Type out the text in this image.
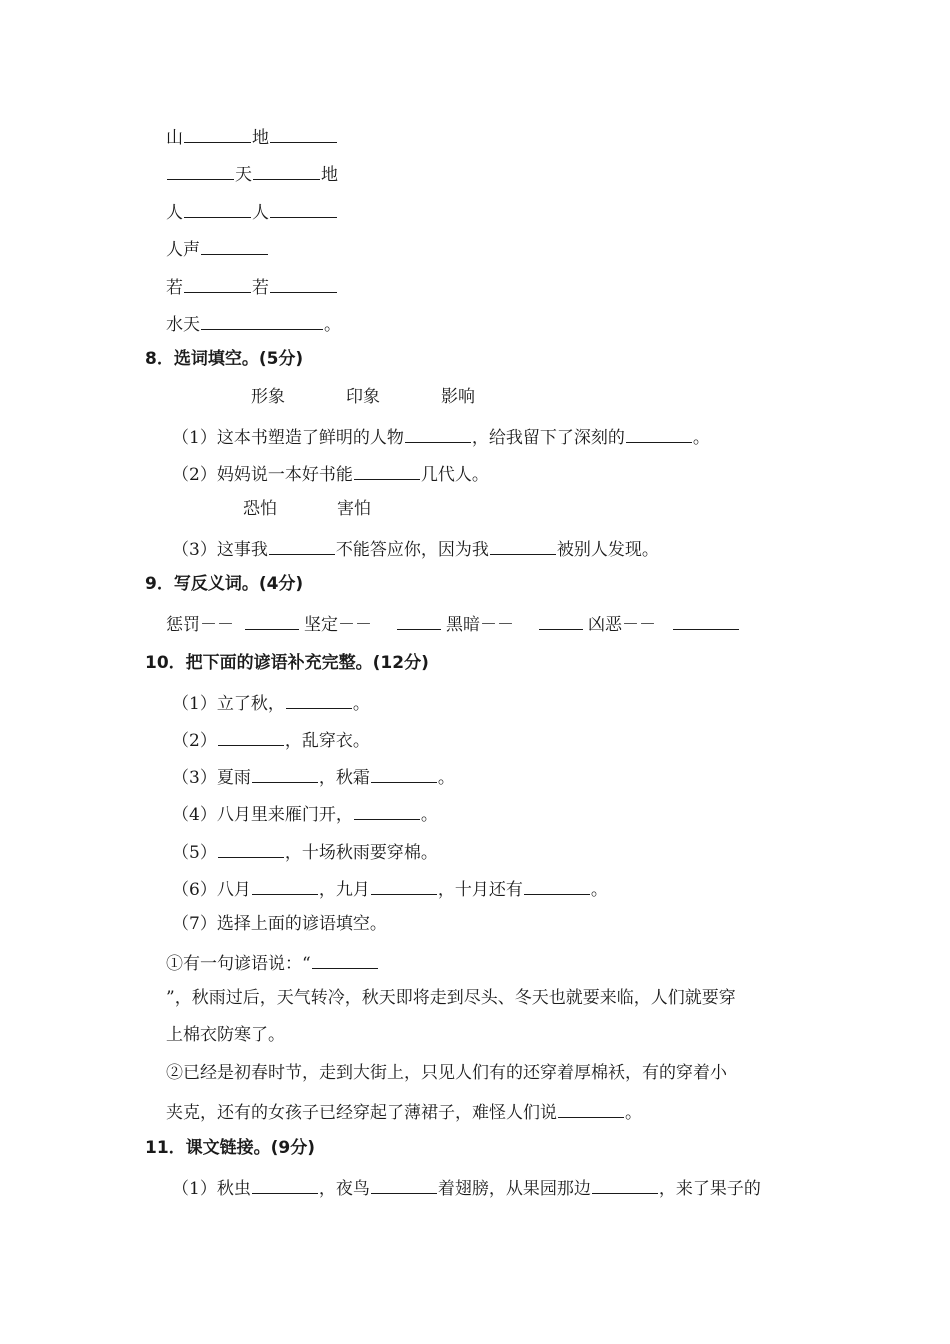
山	地
天	地
人	人
人声
若	若
水天	。
8．选词填空。(5分)
形象	印象	影响
（1）这本书塑造了鲜明的人物	，给我留下了深刻的	。
（2）妈妈说一本好书能	几代人。
恐怕	害怕
（3）这事我	不能答应你，因为我	被别人发现。
9．写反义词。(4分)
惩罚－－	坚定－－	黑暗－－	凶恶－－
10．把下面的谚语补充完整。(12分)
（1）立了秋，	。
（2）	，乱穿衣。
（3）夏雨	，秋霜	。
（4）八月里来雁门开，	。
（5）	，十场秋雨要穿棉。
（6）八月	，九月	，十月还有	。
（7）选择上面的谚语填空。
①有一句谚语说：“
”，秋雨过后，天气转冷，秋天即将走到尽头、冬天也就要来临，人们就要穿
上棉衣防寒了。
②已经是初春时节，走到大街上，只见人们有的还穿着厚棉袄，有的穿着小
夹克，还有的女孩子已经穿起了薄裙子，难怪人们说	。
11．课文链接。(9分)
（1）秋虫	，夜鸟	着翅膀，从果园那边	，来了果子的
